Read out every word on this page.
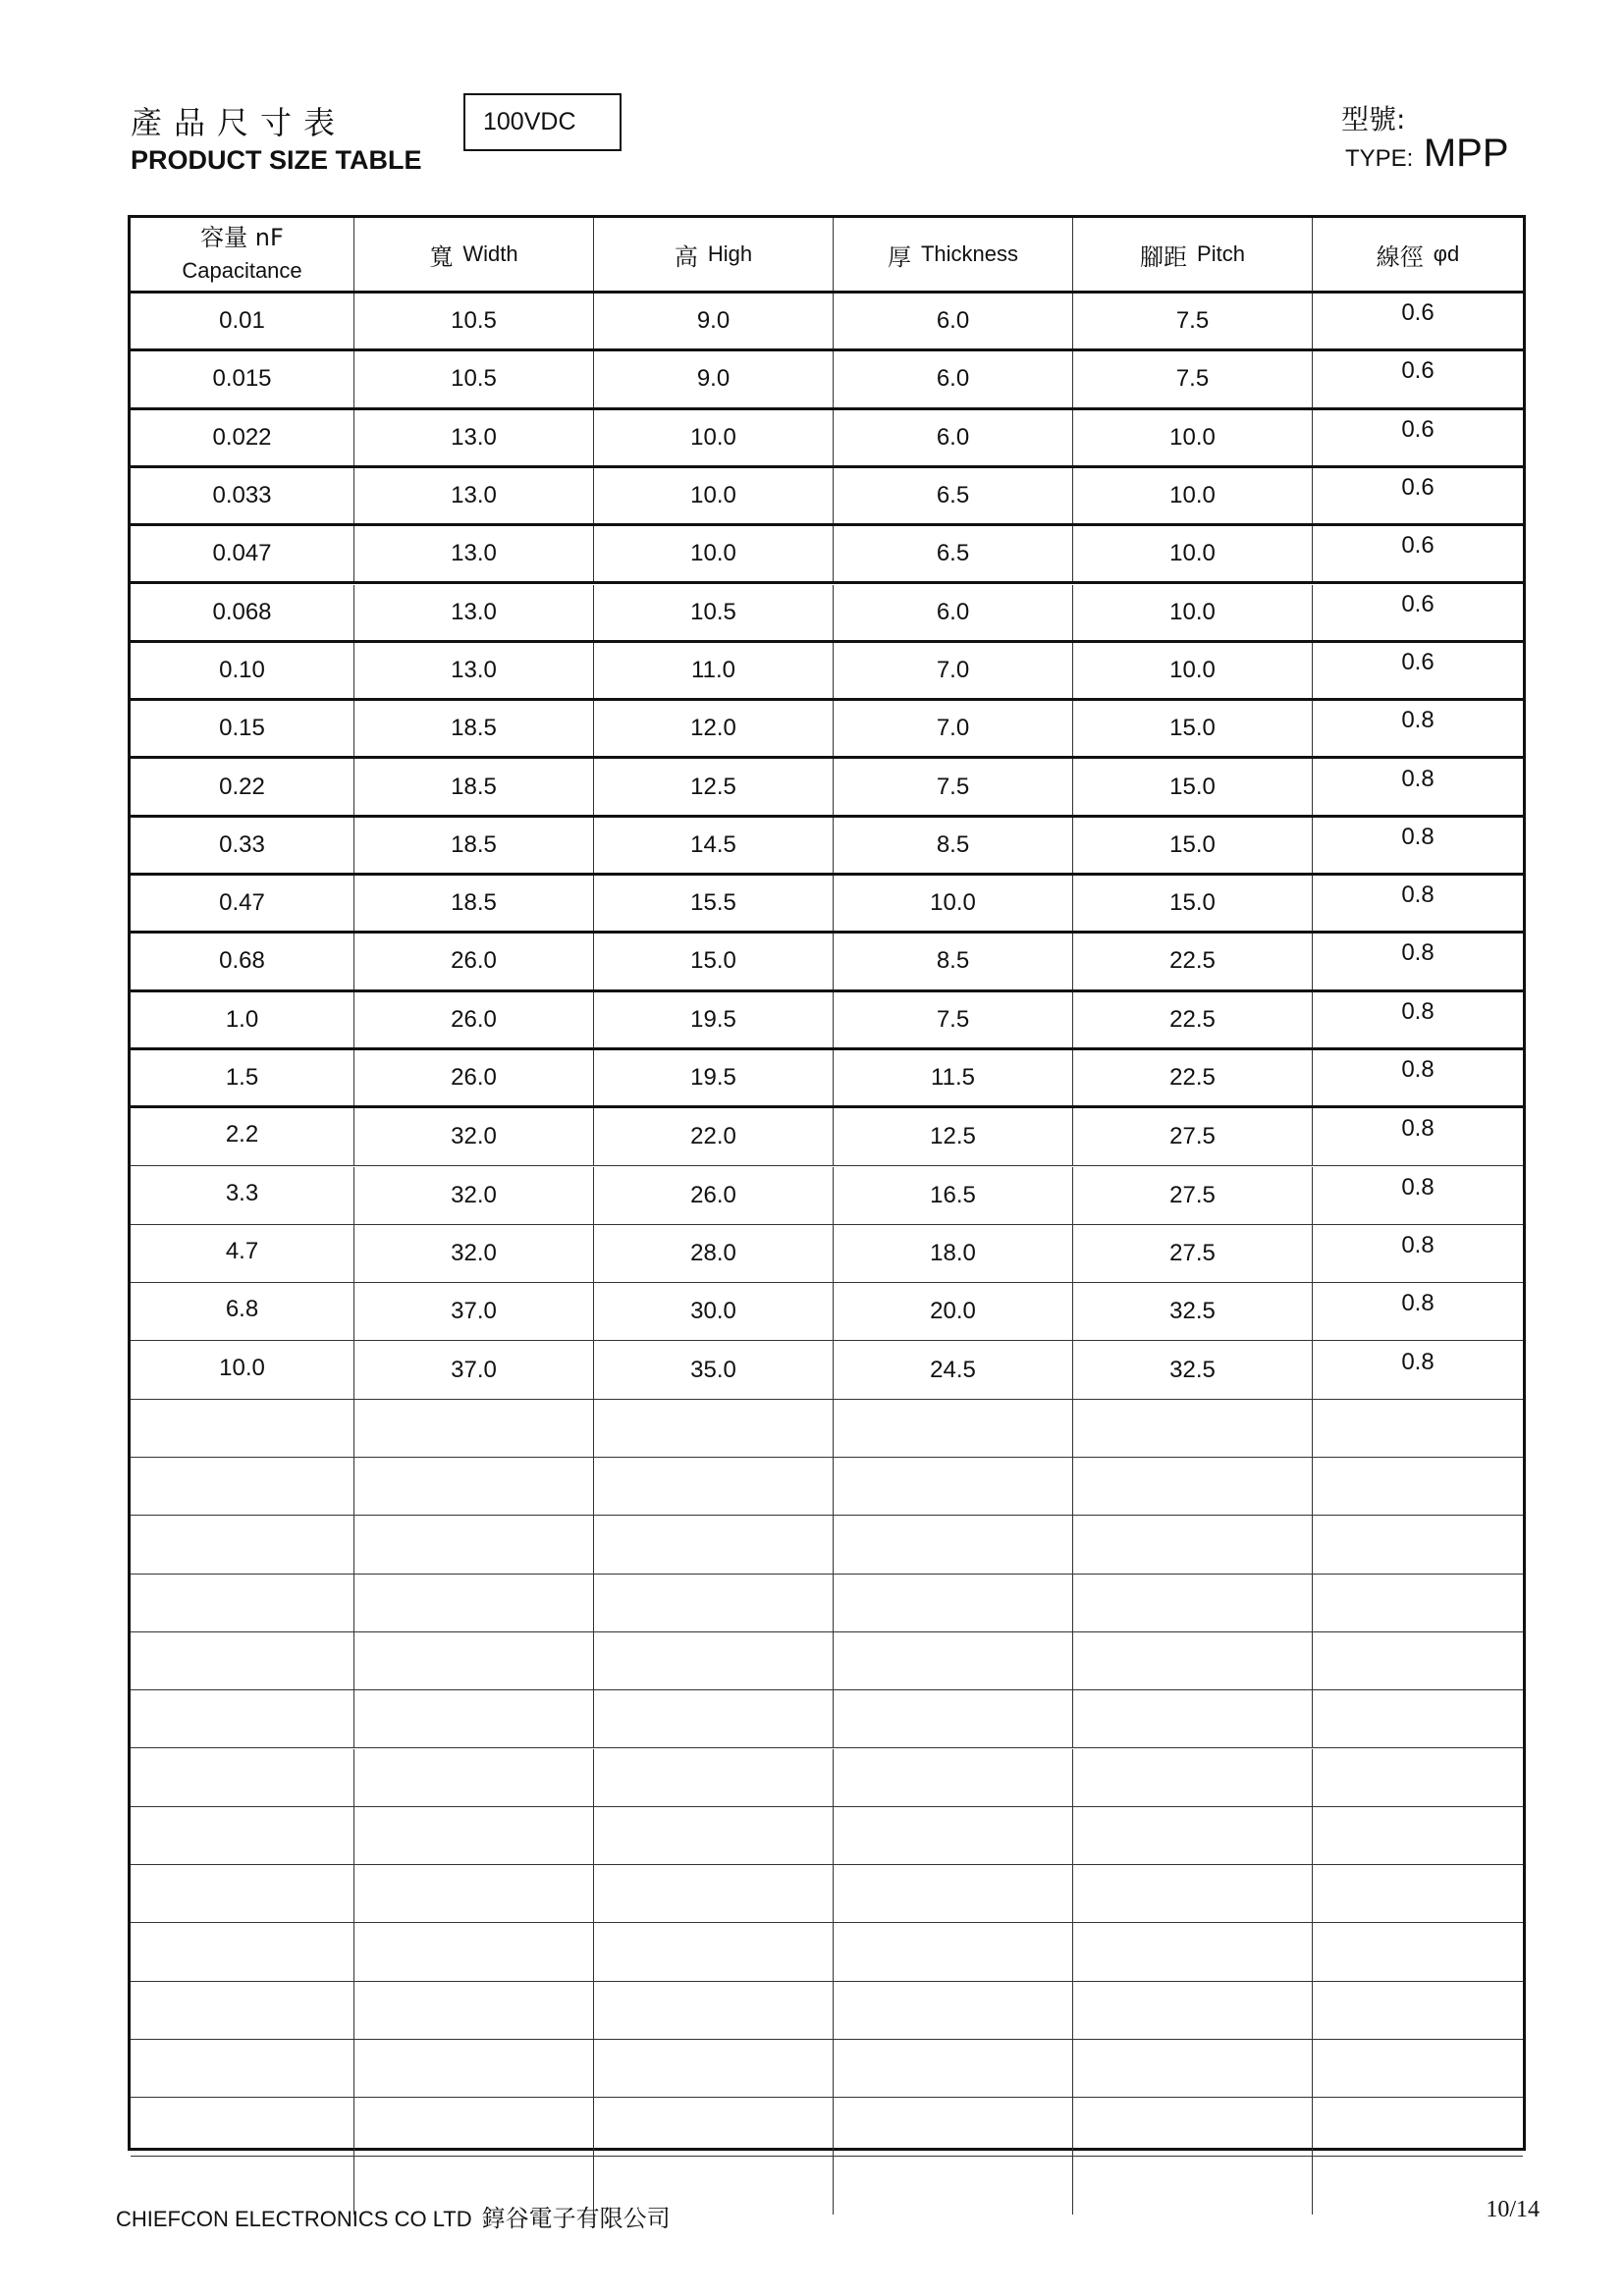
產品尺寸表
PRODUCT SIZE TABLE
100VDC	型號:
TYPE: MPP
容量 nF
Capacitance	寬 Width	高 High	厚 Thickness	腳距 Pitch	線徑 φd
0.01	10.5	9.0	6.0	7.5	0.6
0.015	10.5	9.0	6.0	7.5	0.6
0.022	13.0	10.0	6.0	10.0	0.6
0.033	13.0	10.0	6.5	10.0	0.6
0.047	13.0	10.0	6.5	10.0	0.6
0.068	13.0	10.5	6.0	10.0	0.6
0.10	13.0	11.0	7.0	10.0	0.6
0.15	18.5	12.0	7.0	15.0	0.8
0.22	18.5	12.5	7.5	15.0	0.8
0.33	18.5	14.5	8.5	15.0	0.8
0.47	18.5	15.5	10.0	15.0	0.8
0.68	26.0	15.0	8.5	22.5	0.8
1.0	26.0	19.5	7.5	22.5	0.8
1.5	26.0	19.5	11.5	22.5	0.8
2.2	32.0	22.0	12.5	27.5	0.8
3.3	32.0	26.0	16.5	27.5	0.8
4.7	32.0	28.0	18.0	27.5	0.8
6.8	37.0	30.0	20.0	32.5	0.8
10.0	37.0	35.0	24.5	32.5	0.8
CHIEFCON ELECTRONICS CO LTD 錞谷電子有限公司	10/14
